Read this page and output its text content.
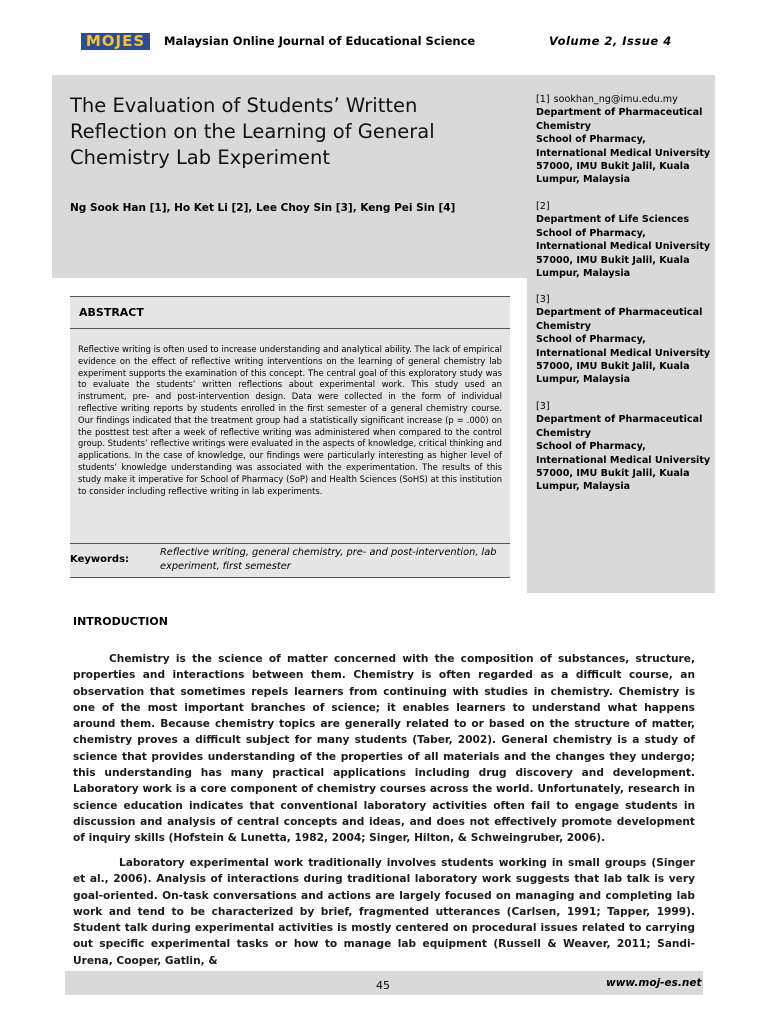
MOJES	Malaysian Online Journal of Educational Science	Volume 2, Issue 4
The Evaluation of Students’ Written Reflection on the Learning of General Chemistry Lab Experiment
Ng Sook Han [1], Ho Ket Li [2], Lee Choy Sin [3], Keng Pei Sin [4]
[1] sookhan_ng@imu.edu.my
Department of Pharmaceutical Chemistry
School of Pharmacy, International Medical University
57000, IMU Bukit Jalil, Kuala Lumpur, Malaysia
[2]
Department of Life Sciences
School of Pharmacy, International Medical University
57000, IMU Bukit Jalil, Kuala Lumpur, Malaysia
[3]
Department of Pharmaceutical Chemistry
School of Pharmacy, International Medical University
57000, IMU Bukit Jalil, Kuala Lumpur, Malaysia
[3]
Department of Pharmaceutical Chemistry
School of Pharmacy, International Medical University
57000, IMU Bukit Jalil, Kuala Lumpur, Malaysia
ABSTRACT
Reflective writing is often used to increase understanding and analytical ability. The lack of empirical evidence on the effect of reflective writing interventions on the learning of general chemistry lab experiment supports the examination of this concept. The central goal of this exploratory study was to evaluate the students’ written reflections about experimental work. This study used an instrument, pre- and post-intervention design. Data were collected in the form of individual reflective writing reports by students enrolled in the first semester of a general chemistry course. Our findings indicated that the treatment group had a statistically significant increase (p = .000) on the posttest test after a week of reflective writing was administered when compared to the control group. Students’ reflective writings were evaluated in the aspects of knowledge, critical thinking and applications. In the case of knowledge, our findings were particularly interesting as higher level of students’ knowledge understanding was associated with the experimentation. The results of this study make it imperative for School of Pharmacy (SoP) and Health Sciences (SoHS) at this institution to consider including reflective writing in lab experiments.
Keywords:
Reflective writing, general chemistry, pre- and post-intervention, lab experiment, first semester
INTRODUCTION
Chemistry is the science of matter concerned with the composition of substances, structure, properties and interactions between them. Chemistry is often regarded as a difficult course, an observation that sometimes repels learners from continuing with studies in chemistry. Chemistry is one of the most important branches of science; it enables learners to understand what happens around them. Because chemistry topics are generally related to or based on the structure of matter, chemistry proves a difficult subject for many students (Taber, 2002). General chemistry is a study of science that provides understanding of the properties of all materials and the changes they undergo; this understanding has many practical applications including drug discovery and development. Laboratory work is a core component of chemistry courses across the world. Unfortunately, research in science education indicates that conventional laboratory activities often fail to engage students in discussion and analysis of central concepts and ideas, and does not effectively promote development of inquiry skills (Hofstein & Lunetta, 1982, 2004; Singer, Hilton, & Schweingruber, 2006).
Laboratory experimental work traditionally involves students working in small groups (Singer et al., 2006). Analysis of interactions during traditional laboratory work suggests that lab talk is very goal-oriented. On-task conversations and actions are largely focused on managing and completing lab work and tend to be characterized by brief, fragmented utterances (Carlsen, 1991; Tapper, 1999). Student talk during experimental activities is mostly centered on procedural issues related to carrying out specific experimental tasks or how to manage lab equipment (Russell & Weaver, 2011; Sandi-Urena, Cooper, Gatlin, &
45	www.moj-es.net
